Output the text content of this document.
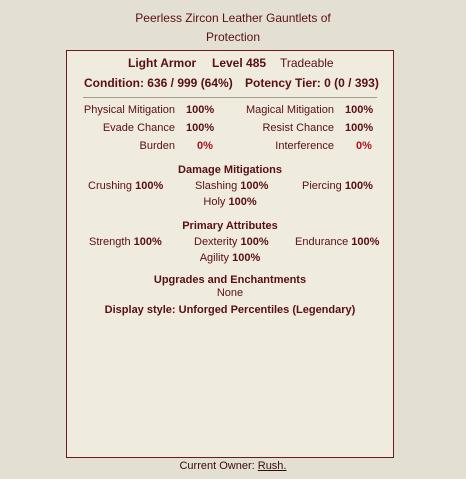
Peerless Zircon Leather Gauntlets of
Protection
Light Armor Level 485 Tradeable
Condition: 636 / 999 (64%) Potency Tier: 0 (0 / 393)
Physical Mitigation 100%	Magical Mitigation 100%
Evade Chance 100%	Resist Chance 100%
Burden 0%	Interference 0%
Damage Mitigations
Crushing 100%	Slashing 100%	Piercing 100%
Holy 100%
Primary Attributes
Strength 100%	Dexterity 100% Endurance 100%
Agility 100%
Upgrades and Enchantments
None
Display style: Unforged Percentiles (Legendary)
Current Owner: Rush.
